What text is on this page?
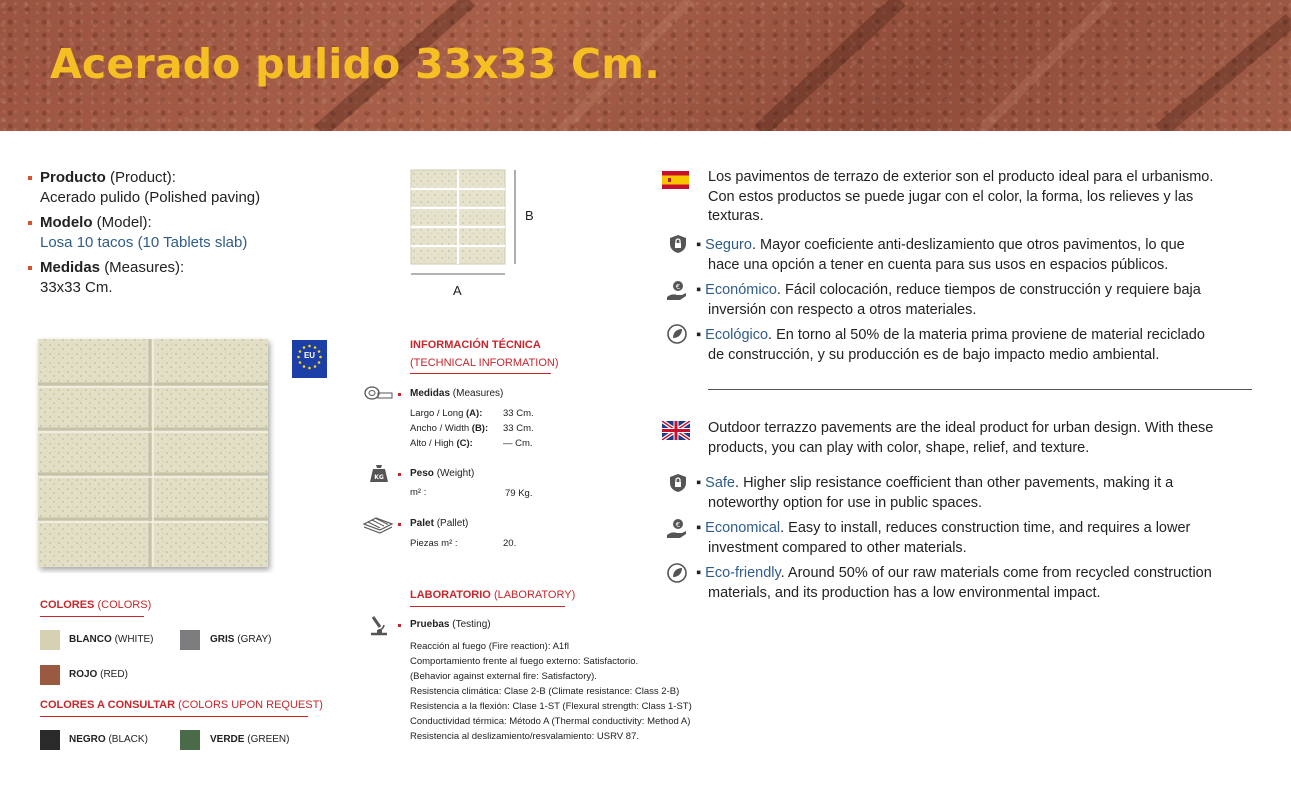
Acerado pulido 33x33 Cm.
Producto (Product):
Acerado pulido (Polished paving)
Modelo (Model):
Losa 10 tacos (10 Tablets slab)
Medidas (Measures):
33x33 Cm.
B
A
EU
COLORES (COLORS)
BLANCO (WHITE)	GRIS (GRAY)
ROJO (RED)
COLORES A CONSULTAR (COLORS UPON REQUEST)
NEGRO (BLACK)	VERDE (GREEN)
INFORMACIÓN TÉCNICA
(TECHNICAL INFORMATION)
Medidas (Measures)
Largo / Long (A): 33 Cm.
Ancho / Width (B): 33 Cm.
Alto / High (C):	— Cm.
KG	Peso (Weight)
m² :	79 Kg.
Palet (Pallet)
Piezas m² :	20.
LABORATORIO (LABORATORY)
Pruebas (Testing)
Reacción al fuego (Fire reaction): A1fl
Comportamiento frente al fuego externo: Satisfactorio.
(Behavior against external fire: Satisfactory).
Resistencia climática: Clase 2-B (Climate resistance: Class 2-B)
Resistencia a la flexión: Clase 1-ST (Flexural strength: Class 1-ST)
Conductividad térmica: Método A (Thermal conductivity: Method A)
Resistencia al deslizamiento/resvalamiento: USRV 87.
Los pavimentos de terrazo de exterior son el producto ideal para el urbanismo.
Con estos productos se puede jugar con el color, la forma, los relieves y las
texturas.
▪ Seguro. Mayor coeficiente anti-deslizamiento que otros pavimentos, lo que
hace una opción a tener en cuenta para sus usos en espacios públicos.
€ ▪ Económico. Fácil colocación, reduce tiempos de construcción y requiere baja
inversión con respecto a otros materiales.
▪ Ecológico. En torno al 50% de la materia prima proviene de material reciclado
de construcción, y su producción es de bajo impacto medio ambiental.
Outdoor terrazzo pavements are the ideal product for urban design. With these
products, you can play with color, shape, relief, and texture.
▪ Safe. Higher slip resistance coefficient than other pavements, making it a
noteworthy option for use in public spaces.
€ ▪ Economical. Easy to install, reduces construction time, and requires a lower
investment compared to other materials.
▪ Eco-friendly. Around 50% of our raw materials come from recycled construction
materials, and its production has a low environmental impact.
